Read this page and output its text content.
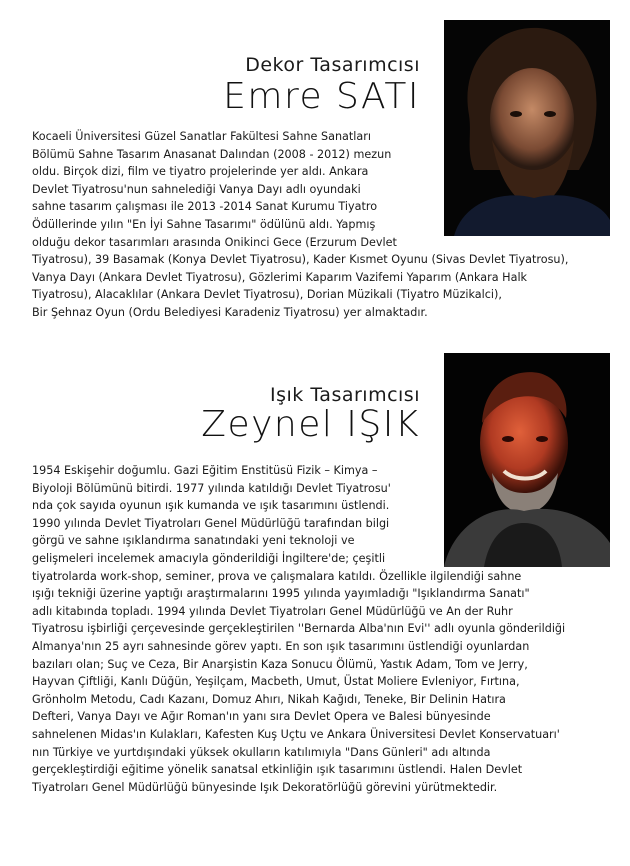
Dekor Tasarımcısı
Emre SATI
Kocaeli Üniversitesi Güzel Sanatlar Fakültesi Sahne Sanatları
Bölümü Sahne Tasarım Anasanat Dalından (2008 - 2012) mezun
oldu. Birçok dizi, film ve tiyatro projelerinde yer aldı. Ankara
Devlet Tiyatrosu'nun sahnelediği Vanya Dayı adlı oyundaki
sahne tasarım çalışması ile 2013 -2014 Sanat Kurumu Tiyatro
Ödüllerinde yılın "En İyi Sahne Tasarımı" ödülünü aldı. Yapmış
olduğu dekor tasarımları arasında Onikinci Gece (Erzurum Devlet
Tiyatrosu), 39 Basamak (Konya Devlet Tiyatrosu), Kader Kısmet Oyunu (Sivas Devlet Tiyatrosu),
Vanya Dayı (Ankara Devlet Tiyatrosu), Gözlerimi Kaparım Vazifemi Yaparım (Ankara Halk
Tiyatrosu), Alacaklılar (Ankara Devlet Tiyatrosu), Dorian Müzikali (Tiyatro Müzikalci),
Bir Şehnaz Oyun (Ordu Belediyesi Karadeniz Tiyatrosu) yer almaktadır.
Işık Tasarımcısı
Zeynel IŞIK
1954 Eskişehir doğumlu. Gazi Eğitim Enstitüsü Fizik – Kimya –
Biyoloji Bölümünü bitirdi. 1977 yılında katıldığı Devlet Tiyatrosu'
nda çok sayıda oyunun ışık kumanda ve ışık tasarımını üstlendi.
1990 yılında Devlet Tiyatroları Genel Müdürlüğü tarafından bilgi
görgü ve sahne ışıklandırma sanatındaki yeni teknoloji ve
gelişmeleri incelemek amacıyla gönderildiği İngiltere'de; çeşitli
tiyatrolarda work-shop, seminer, prova ve çalışmalara katıldı. Özellikle ilgilendiği sahne
ışığı tekniği üzerine yaptığı araştırmalarını 1995 yılında yayımladığı "Işıklandırma Sanatı"
adlı kitabında topladı. 1994 yılında Devlet Tiyatroları Genel Müdürlüğü ve An der Ruhr
Tiyatrosu işbirliği çerçevesinde gerçekleştirilen ''Bernarda Alba'nın Evi'' adlı oyunla gönderildiği
Almanya'nın 25 ayrı sahnesinde görev yaptı. En son ışık tasarımını üstlendiği oyunlardan
bazıları olan; Suç ve Ceza, Bir Anarşistin Kaza Sonucu Ölümü, Yastık Adam, Tom ve Jerry,
Hayvan Çiftliği, Kanlı Düğün, Yeşilçam, Macbeth, Umut, Üstat Moliere Evleniyor, Fırtına,
Grönholm Metodu, Cadı Kazanı, Domuz Ahırı, Nikah Kağıdı, Teneke, Bir Delinin Hatıra
Defteri, Vanya Dayı ve Ağır Roman'ın yanı sıra Devlet Opera ve Balesi bünyesinde
sahnelenen Midas'ın Kulakları, Kafesten Kuş Uçtu ve Ankara Üniversitesi Devlet Konservatuarı'
nın Türkiye ve yurtdışındaki yüksek okulların katılımıyla "Dans Günleri" adı altında
gerçekleştirdiği eğitime yönelik sanatsal etkinliğin ışık tasarımını üstlendi. Halen Devlet
Tiyatroları Genel Müdürlüğü bünyesinde Işık Dekoratörlüğü görevini yürütmektedir.
